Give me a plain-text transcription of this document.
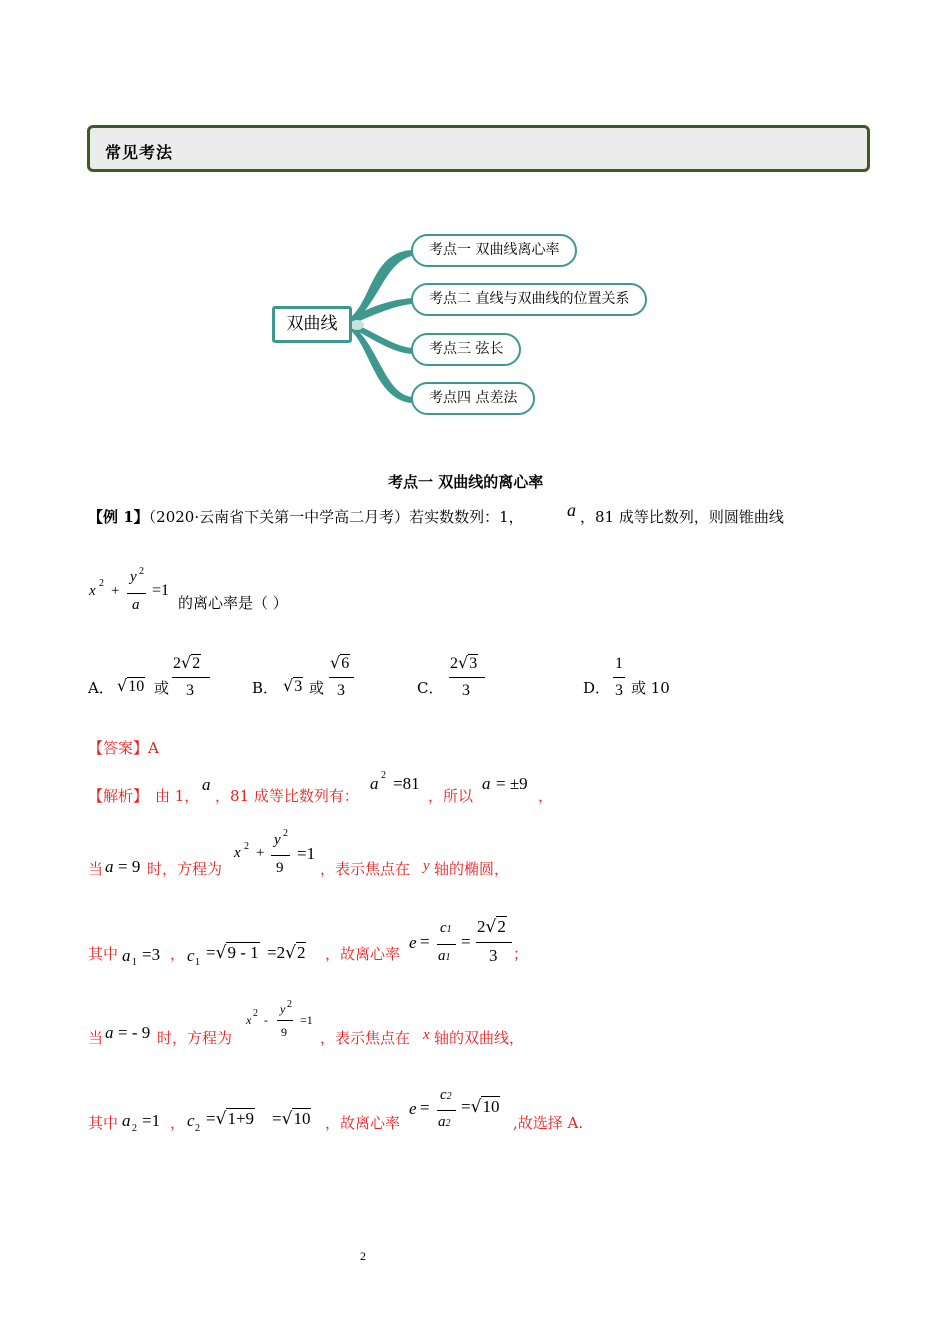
常见考法
双曲线
考点一 双曲线离心率
考点二 直线与双曲线的位置关系
考点三 弦长
考点四 点差法
考点一 双曲线的离心率
【例 1】（2020·云南省下关第一中学高二月考）若实数数列：1， a ，81 成等比数列，则圆锥曲线
x 2 +
y 2
a
=1
的离心率是（ ）
A． √10 或
2√2
3	B． √3 或
√6
3	C．
2√3
3	D．
1
3 或 10
【答案】A
【解析】 由 1，
a
，81 成等比数列有：
a 2 =81
，所以
a = ±9
，
当 a = 9 时，方程为
x 2 +
y 2
9
=1
，表示焦点在 y 轴的椭圆，
其中 a 1 =3 ， c 1
=√9 - 1 =2√2 ，故离心率
e =
c1
a1
=
2√2
3 ；
当 a = - 9 时，方程为
x 2 -
y 2
9
=1
，表示焦点在 x 轴的双曲线，
其中 a 2 =1 ， c 2
=√1+9 =√10 ，故离心率
e =
c2
a2
=√10
,故选择 A.
2
